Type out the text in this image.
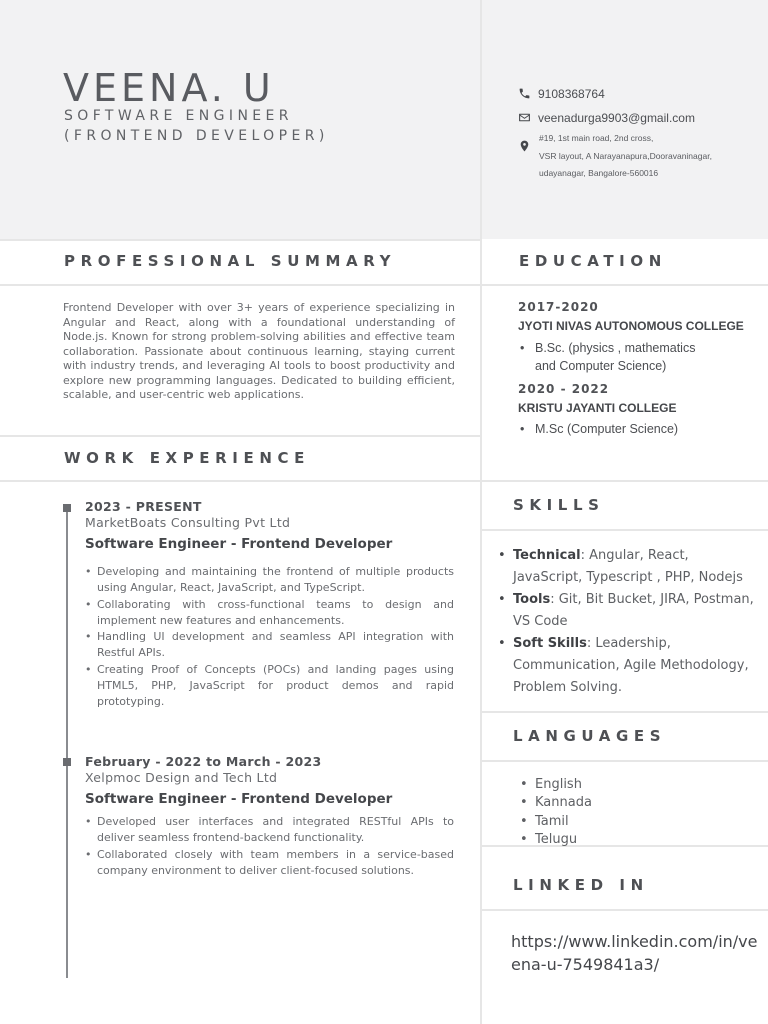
VEENA. U
SOFTWARE ENGINEER
(FRONTEND DEVELOPER)
9108368764
veenadurga9903@gmail.com
#19, 1st main road, 2nd cross,
VSR layout, A Narayanapura,Dooravaninagar,
udayanagar, Bangalore-560016
PROFESSIONAL SUMMARY	EDUCATION
WORK EXPERIENCE
SKILLS
LANGUAGES
LINKED IN
Frontend Developer with over 3+ years of experience specializing in Angular and React, along with a foundational understanding of Node.js. Known for strong problem-solving abilities and effective team collaboration. Passionate about continuous learning, staying current with industry trends, and leveraging AI tools to boost productivity and explore new programming languages. Dedicated to building efficient, scalable, and user-centric web applications.
2023 - PRESENT
MarketBoats Consulting Pvt Ltd
Software Engineer - Frontend Developer
• Developing and maintaining the frontend of multiple products using Angular, React, JavaScript, and TypeScript.
• Collaborating with cross-functional teams to design and implement new features and enhancements.
• Handling UI development and seamless API integration with Restful APIs.
• Creating Proof of Concepts (POCs) and landing pages using HTML5, PHP, JavaScript for product demos and rapid prototyping.
February - 2022 to March - 2023
Xelpmoc Design and Tech Ltd
Software Engineer - Frontend Developer
• Developed user interfaces and integrated RESTful APIs to deliver seamless frontend-backend functionality.
• Collaborated closely with team members in a service-based company environment to deliver client-focused solutions.
2017-2020
JYOTI NIVAS AUTONOMOUS COLLEGE
• B.Sc. (physics , mathematics
and Computer Science)
2020 - 2022
KRISTU JAYANTI COLLEGE
• M.Sc (Computer Science)
• Technical: Angular, React, JavaScript, Typescript , PHP, Nodejs
• Tools: Git, Bit Bucket, JIRA, Postman, VS Code
• Soft Skills: Leadership, Communication, Agile Methodology, Problem Solving.
• English
• Kannada
• Tamil
• Telugu
https://www.linkedin.com/in/veena-u-7549841a3/
